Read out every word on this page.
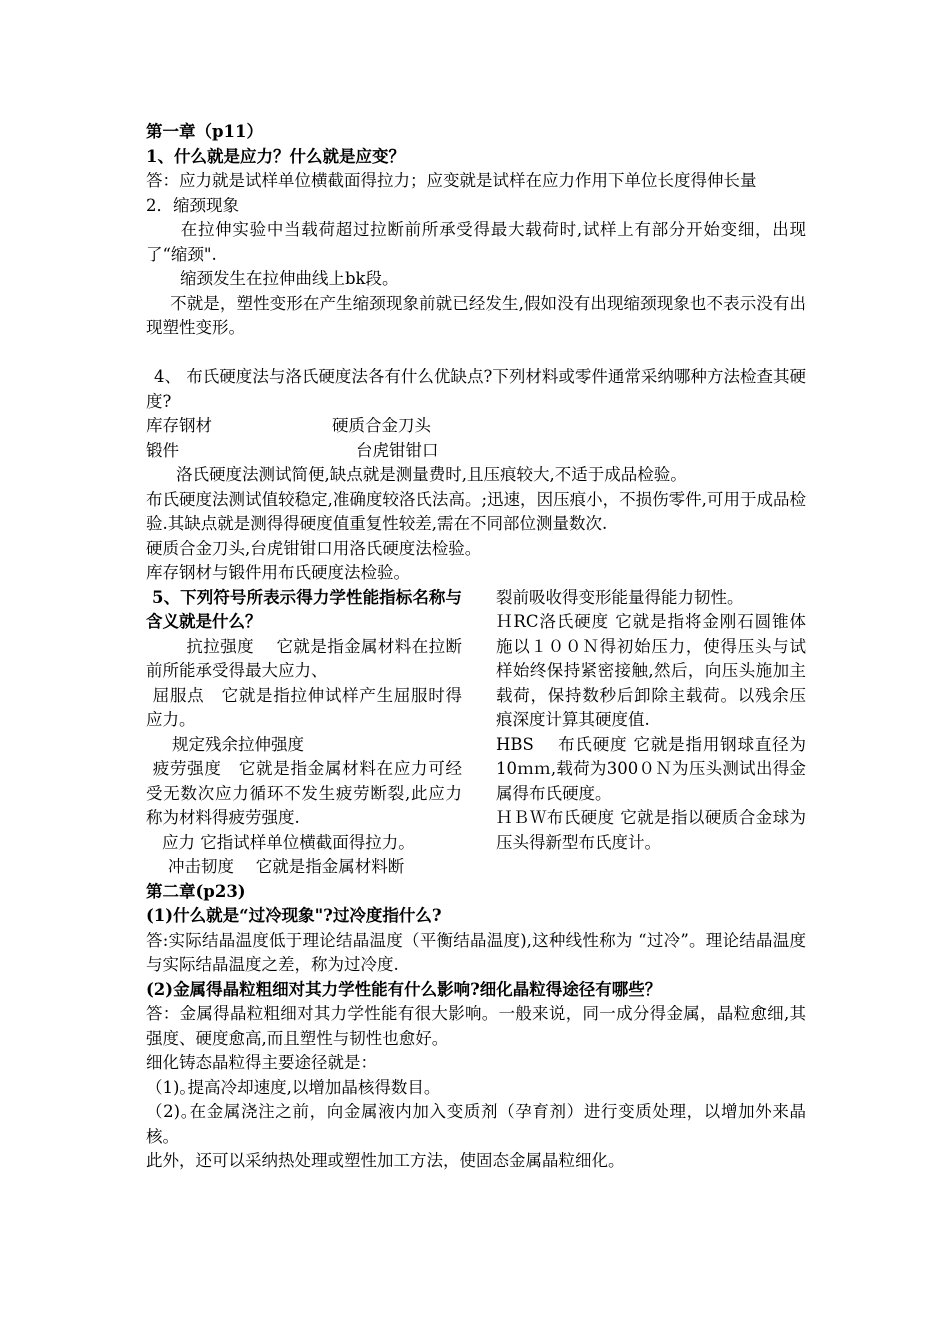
第一章（p11）
1、什么就是应力？什么就是应变？
答：应力就是试样单位横截面得拉力；应变就是试样在应力作用下单位长度得伸长量
2．缩颈现象
在拉伸实验中当载荷超过拉断前所承受得最大载荷时,试样上有部分开始变细，出现了“缩颈".
缩颈发生在拉伸曲线上bk段。
不就是，塑性变形在产生缩颈现象前就已经发生,假如没有出现缩颈现象也不表示没有出现塑性变形。
4、 布氏硬度法与洛氏硬度法各有什么优缺点?下列材料或零件通常采纳哪种方法检查其硬度?
库存钢材	硬质合金刀头
锻件	台虎钳钳口
洛氏硬度法测试简便,缺点就是测量费时,且压痕较大,不适于成品检验。
布氏硬度法测试值较稳定,准确度较洛氏法高。;迅速，因压痕小，不损伤零件,可用于成品检验.其缺点就是测得得硬度值重复性较差,需在不同部位测量数次.
硬质合金刀头,台虎钳钳口用洛氏硬度法检验。
库存钢材与锻件用布氏硬度法检验。
5、下列符号所表示得力学性能指标名称与含义就是什么？
抗拉强度　 它就是指金属材料在拉断前所能承受得最大应力、
屈服点　它就是指拉伸试样产生屈服时得应力。
规定残余拉伸强度
疲劳强度　它就是指金属材料在应力可经受无数次应力循环不发生疲劳断裂,此应力称为材料得疲劳强度.
应力 它指试样单位横截面得拉力。
冲击韧度　 它就是指金属材料断
裂前吸收得变形能量得能力韧性。
ＨRC洛氏硬度 它就是指将金刚石圆锥体施以１００Ｎ得初始压力，使得压头与试样始终保持紧密接触,然后，向压头施加主载荷，保持数秒后卸除主载荷。以残余压痕深度计算其硬度值.
HBS　 布氏硬度 它就是指用钢球直径为10ｍｍ,载荷为300０Ｎ为压头测试出得金属得布氏硬度。
ＨＢＷ布氏硬度 它就是指以硬质合金球为压头得新型布氏度计。
第二章(p23)
(1)什么就是“过冷现象"?过冷度指什么?
答:实际结晶温度低于理论结晶温度（平衡结晶温度),这种线性称为 “过冷”。理论结晶温度与实际结晶温度之差，称为过冷度.
(2)金属得晶粒粗细对其力学性能有什么影响?细化晶粒得途径有哪些？
答：金属得晶粒粗细对其力学性能有很大影响。一般来说，同一成分得金属，晶粒愈细,其强度、硬度愈高,而且塑性与韧性也愈好。
细化铸态晶粒得主要途径就是：
（1)｡提高冷却速度,以增加晶核得数目。
（2)｡在金属浇注之前，向金属液内加入变质剂（孕育剂）进行变质处理，以增加外来晶核。
此外，还可以采纳热处理或塑性加工方法，使固态金属晶粒细化。
